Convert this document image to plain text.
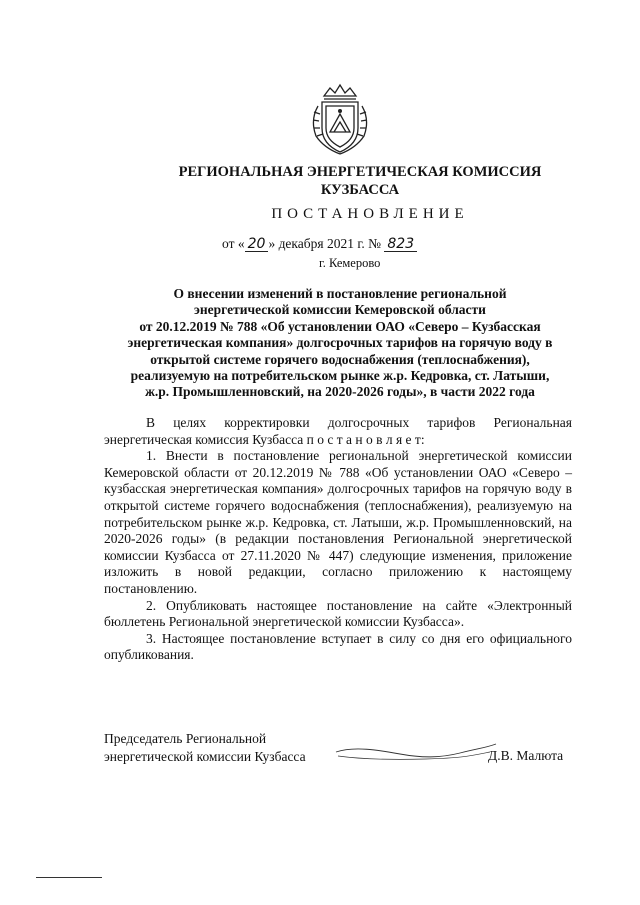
РЕГИОНАЛЬНАЯ ЭНЕРГЕТИЧЕСКАЯ КОМИССИЯ
КУЗБАССА
ПОСТАНОВЛЕНИЕ
от « 20 » декабря 2021 г. № 823
г. Кемерово
О внесении изменений в постановление региональной
энергетической комиссии Кемеровской области
от 20.12.2019 № 788 «Об установлении ОАО «Северо – Кузбасская
энергетическая компания» долгосрочных тарифов на горячую воду в
открытой системе горячего водоснабжения (теплоснабжения),
реализуемую на потребительском рынке ж.р. Кедровка, ст. Латыши,
ж.р. Промышленновский, на 2020-2026 годы», в части 2022 года

В целях корректировки долгосрочных тарифов Региональная энергетическая комиссия Кузбасса п о с т а н о в л я е т:

1. Внести в постановление региональной энергетической комиссии Кемеровской области от 20.12.2019 № 788 «Об установлении ОАО «Северо – кузбасская энергетическая компания» долгосрочных тарифов на горячую воду в открытой системе горячего водоснабжения (теплоснабжения), реализуемую на потребительском рынке ж.р. Кедровка, ст. Латыши, ж.р. Промышленновский, на 2020-2026 годы» (в редакции постановления Региональной энергетической комиссии Кузбасса от 27.11.2020 № 447) следующие изменения, приложение изложить в новой редакции, согласно приложению к настоящему постановлению.

2. Опубликовать настоящее постановление на сайте «Электронный бюллетень Региональной энергетической комиссии Кузбасса».

3. Настоящее постановление вступает в силу со дня его официального опубликования.

Председатель Региональной
энергетической комиссии Кузбасса	Д.В. Малюта
